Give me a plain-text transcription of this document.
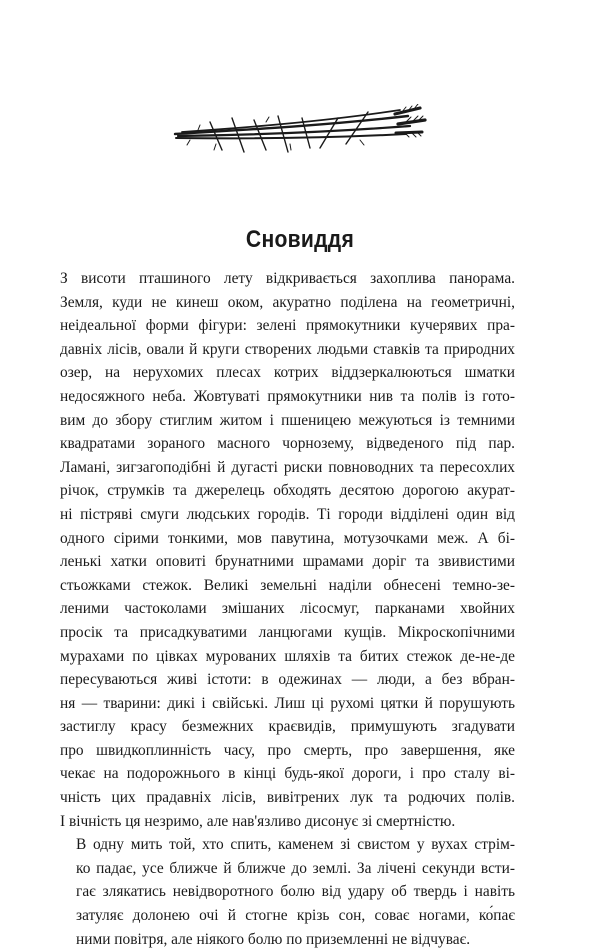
Сновиддя

З висоти пташиного лету відкривається захоплива панорама.
Земля, куди не кинеш оком, акуратно поділена на геометричні,
неідеальної форми фігури: зелені прямокутники кучерявих пра-
давніх лісів, овали й круги створених людьми ставків та природних
озер, на нерухомих плесах котрих віддзеркалюються шматки
недосяжного неба. Жовтуваті прямокутники нив та полів із гото-
вим до збору стиглим житом і пшеницею межуються із темними
квадратами зораного масного чорнозему, відведеного під пар.
Ламані, зигзагоподібні й дугасті риски повноводних та пересохлих
річок, струмків та джерелець обходять десятою дорогою акурат-
ні пістряві смуги людських городів. Ті городи відділені один від
одного сірими тонкими, мов павутина, мотузочками меж. А бі-
ленькі хатки оповиті брунатними шрамами доріг та звивистими
стьожками стежок. Великі земельні наділи обнесені темно-зе-
леними частоколами змішаних лісосмуг, парканами хвойних
просік та присадкуватими ланцюгами кущів. Мікроскопічними
мурахами по цівках мурованих шляхів та битих стежок де-не-де
пересуваються живі істоти: в одежинах — люди, а без вбран-
ня — тварини: дикі і свійські. Лиш ці рухомі цятки й порушують
застиглу красу безмежних краєвидів, примушують згадувати
про швидкоплинність часу, про смерть, про завершення, яке
чекає на подорожнього в кінці будь-якої дороги, і про сталу ві-
чність цих прадавніх лісів, вивітрених лук та родючих полів.
І вічність ця незримо, але нав'язливо дисонує зі смертністю.

В одну мить той, хто спить, каменем зі свистом у вухах стрім-
ко падає, усе ближче й ближче до землі. За лічені секунди всти-
гає злякатись невідворотного болю від удару об твердь і навіть
затуляє долонею очі й стогне крізь сон, соває ногами, ко́пає
ними повітря, але ніякого болю по приземленні не відчуває.
